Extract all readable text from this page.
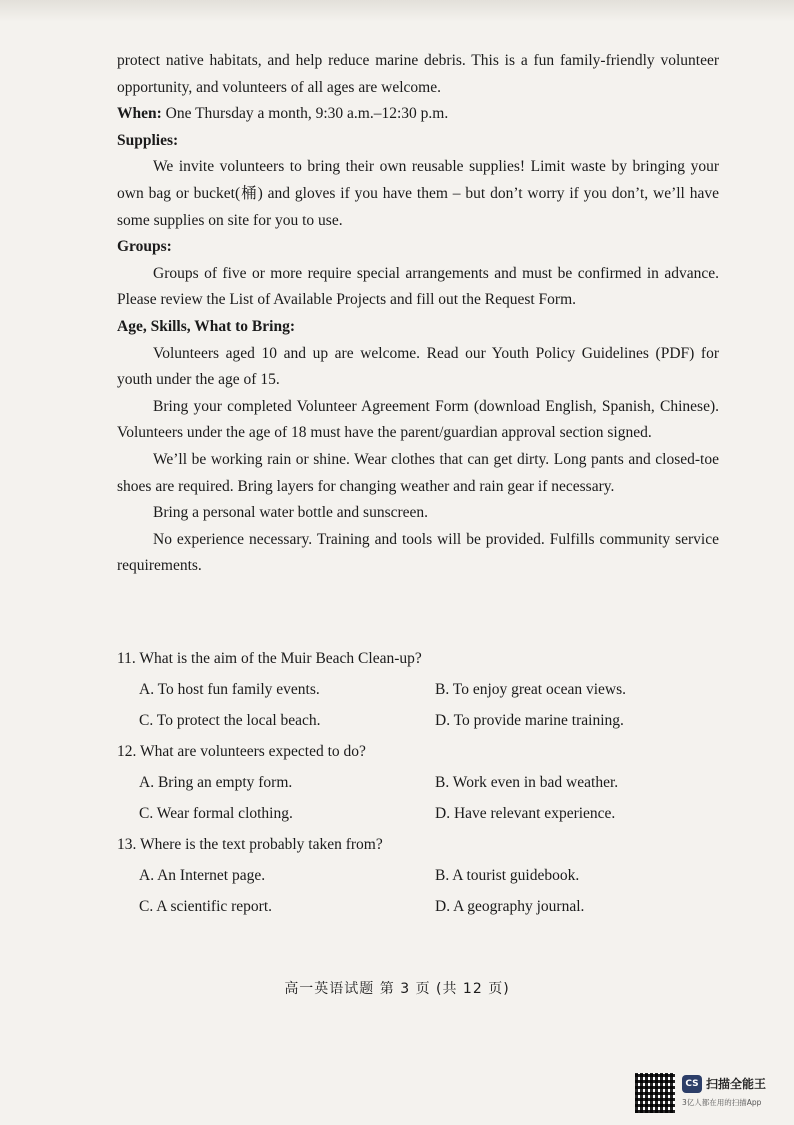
protect native habitats, and help reduce marine debris. This is a fun family-friendly volunteer opportunity, and volunteers of all ages are welcome.

When: One Thursday a month, 9:30 a.m.–12:30 p.m.

Supplies:

We invite volunteers to bring their own reusable supplies! Limit waste by bringing your own bag or bucket(桶) and gloves if you have them – but don’t worry if you don’t, we’ll have some supplies on site for you to use.

Groups:

Groups of five or more require special arrangements and must be confirmed in advance. Please review the List of Available Projects and fill out the Request Form.

Age, Skills, What to Bring:

Volunteers aged 10 and up are welcome. Read our Youth Policy Guidelines (PDF) for youth under the age of 15.

Bring your completed Volunteer Agreement Form (download English, Spanish, Chinese). Volunteers under the age of 18 must have the parent/guardian approval section signed.

We’ll be working rain or shine. Wear clothes that can get dirty. Long pants and closed-toe shoes are required. Bring layers for changing weather and rain gear if necessary.

Bring a personal water bottle and sunscreen.

No experience necessary. Training and tools will be provided. Fulfills community service requirements.

11. What is the aim of the Muir Beach Clean-up?
A. To host fun family events.	B. To enjoy great ocean views.
C. To protect the local beach.	D. To provide marine training.
12. What are volunteers expected to do?
A. Bring an empty form.	B. Work even in bad weather.
C. Wear formal clothing.	D. Have relevant experience.
13. Where is the text probably taken from?
A. An Internet page.	B. A tourist guidebook.
C. A scientific report.	D. A geography journal.
高一英语试题 第 3 页 (共 12 页)
CS 扫描全能王
3亿人都在用的扫描App
